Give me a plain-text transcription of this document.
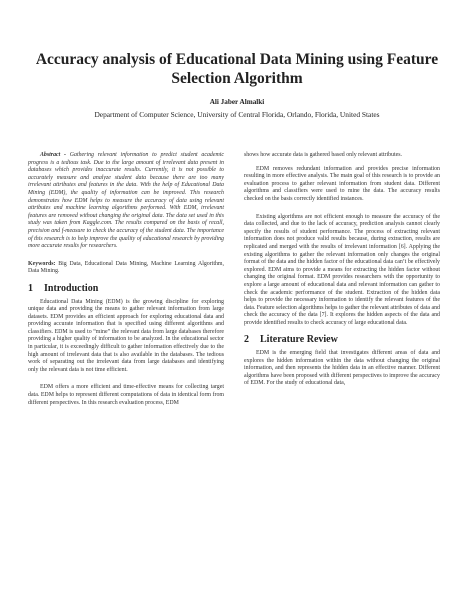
Accuracy analysis of Educational Data Mining using Feature Selection Algorithm
Ali Jaber Almalki
Department of Computer Science, University of Central Florida, Orlando, Florida, United States

Abstract - Gathering relevant information to predict student academic progress is a tedious task. Due to the large amount of irrelevant data present in databases which provides inaccurate results. Currently, it is not possible to accurately measure and analyze student data because there are too many irrelevant attributes and features in the data. With the help of Educational Data Mining (EDM), the quality of information can be improved. This research demonstrates how EDM helps to measure the accuracy of data using relevant attributes and machine learning algorithms performed. With EDM, irrelevant features are removed without changing the original data. The data set used in this study was taken from Kaggle.com. The results compared on the basis of recall, precision and f-measure to check the accuracy of the student data. The importance of this research is to help improve the quality of educational research by providing more accurate results for researchers.

Keywords: Big Data, Educational Data Mining, Machine Learning Algorithm, Data Mining.

1 Introduction

Educational Data Mining (EDM) is the growing discipline for exploring unique data and providing the means to gather relevant information from large datasets. EDM provides an efficient approach for exploring educational data and providing accurate information that is specified using different algorithms and classifiers. EDM is used to “mine” the relevant data from large databases therefore providing a higher quality of information to be analyzed. In the educational sector in particular, it is exceedingly difficult to gather information effectively due to the high amount of irrelevant data that is also available in the databases. The tedious work of separating out the irrelevant data from large databases and identifying only the relevant data is not time efficient.

EDM offers a more efficient and time-effective means for collecting target data. EDM helps to represent different computations of data in identical form from different perspectives. In this research evaluation process, EDM

shows how accurate data is gathered based only relevant attributes.

EDM removes redundant information and provides precise information resulting in more effective analysis. The main goal of this research is to provide an evaluation process to gather relevant information from student data. Different algorithms and classifiers were used to mine the data. The accuracy results checked on the basis correctly identified instances.

Existing algorithms are not efficient enough to measure the accuracy of the data collected, and due to the lack of accuracy, prediction analysis cannot clearly specify the results of student performance. The process of extracting relevant information does not produce valid results because, during extraction, results are replicated and merged with the results of irrelevant information [6]. Applying the existing algorithms to gather the relevant information only changes the original format of the data and the hidden factor of the educational data can’t be effectively explored. EDM aims to provide a means for extracting the hidden factor without changing the original format. EDM provides researchers with the opportunity to explore a large amount of educational data and relevant information can gather to check the academic performance of the student. Extraction of the hidden data helps to provide the necessary information to identify the relevant features of the data. Feature selection algorithms helps to gather the relevant attributes of data and check the accuracy of the data [7]. It explores the hidden aspects of the data and provide identified results to check accuracy of large educational data.

2 Literature Review

EDM is the emerging field that investigates different areas of data and explores the hidden information within the data without changing the original information, and then represents the hidden data in an effective manner. Different algorithms have been proposed with different perspectives to improve the accuracy of EDM. For the study of educational data,
